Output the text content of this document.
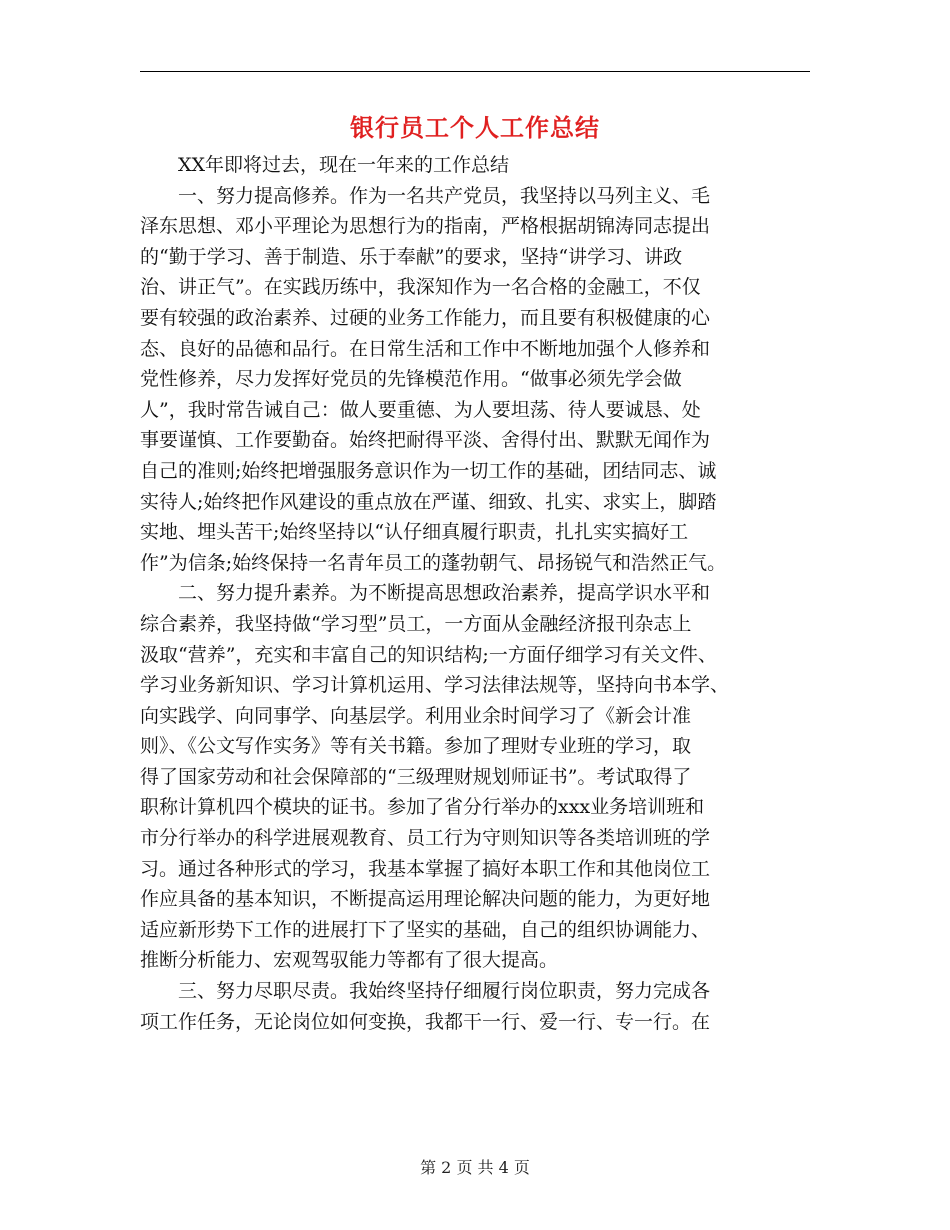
银行员工个人工作总结
　　XX年即将过去，现在一年来的工作总结
　　一、努力提高修养。作为一名共产党员，我坚持以马列主义、毛
泽东思想、邓小平理论为思想行为的指南，严格根据胡锦涛同志提出
的“勤于学习、善于制造、乐于奉献”的要求，坚持“讲学习、讲政
治、讲正气”。在实践历练中，我深知作为一名合格的金融工，不仅
要有较强的政治素养、过硬的业务工作能力，而且要有积极健康的心
态、良好的品德和品行。在日常生活和工作中不断地加强个人修养和
党性修养，尽力发挥好党员的先锋模范作用。“做事必须先学会做
人”，我时常告诫自己：做人要重德、为人要坦荡、待人要诚恳、处
事要谨慎、工作要勤奋。始终把耐得平淡、舍得付出、默默无闻作为
自己的准则;始终把增强服务意识作为一切工作的基础，团结同志、诚
实待人;始终把作风建设的重点放在严谨、细致、扎实、求实上，脚踏
实地、埋头苦干;始终坚持以“认仔细真履行职责，扎扎实实搞好工
作”为信条;始终保持一名青年员工的蓬勃朝气、昂扬锐气和浩然正气。
　　二、努力提升素养。为不断提高思想政治素养，提高学识水平和
综合素养，我坚持做“学习型”员工，一方面从金融经济报刊杂志上
汲取“营养”，充实和丰富自己的知识结构;一方面仔细学习有关文件、
学习业务新知识、学习计算机运用、学习法律法规等，坚持向书本学、
向实践学、向同事学、向基层学。利用业余时间学习了《新会计准
则》、《公文写作实务》等有关书籍。参加了理财专业班的学习，取
得了国家劳动和社会保障部的“三级理财规划师证书”。考试取得了
职称计算机四个模块的证书。参加了省分行举办的xxx业务培训班和
市分行举办的科学进展观教育、员工行为守则知识等各类培训班的学
习。通过各种形式的学习，我基本掌握了搞好本职工作和其他岗位工
作应具备的基本知识，不断提高运用理论解决问题的能力，为更好地
适应新形势下工作的进展打下了坚实的基础，自己的组织协调能力、
推断分析能力、宏观驾驭能力等都有了很大提高。
　　三、努力尽职尽责。我始终坚持仔细履行岗位职责，努力完成各
项工作任务，无论岗位如何变换，我都干一行、爱一行、专一行。在
第 2 页 共 4 页
